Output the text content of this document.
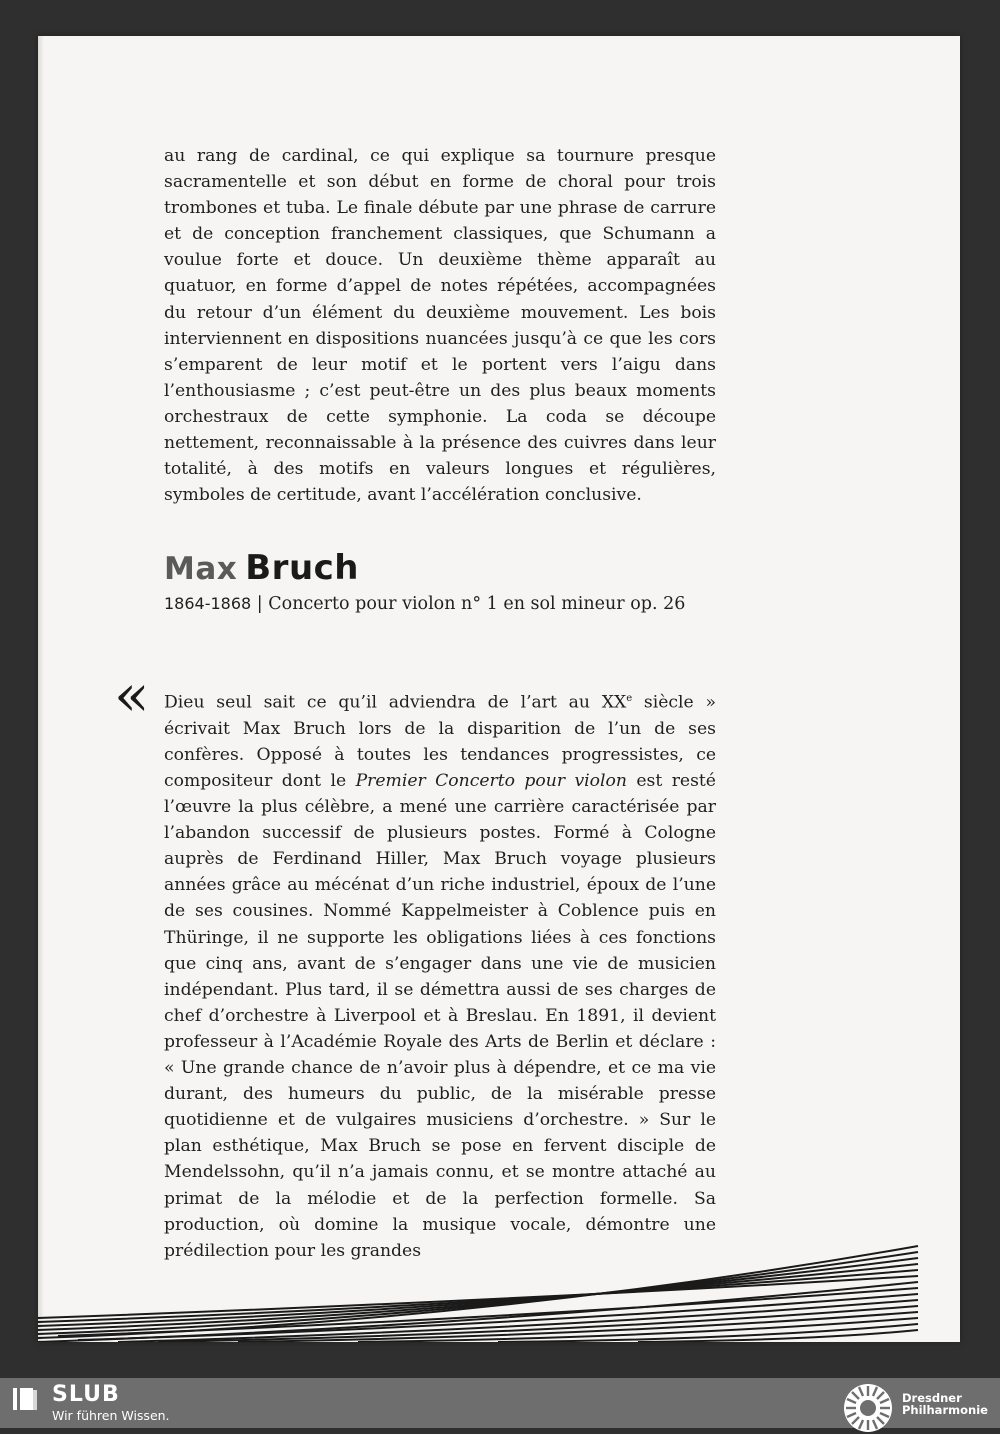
au rang de cardinal, ce qui explique sa tournure presque sacramentelle et son début en forme de choral pour trois trombones et tuba. Le finale débute par une phrase de carrure et de conception franchement classiques, que Schumann a voulue forte et douce. Un deuxième thème apparaît au quatuor, en forme d’appel de notes répétées, accompagnées du retour d’un élément du deuxième mouvement. Les bois interviennent en dispositions nuancées jusqu’à ce que les cors s’emparent de leur motif et le portent vers l’aigu dans l’enthousiasme ; c’est peut-être un des plus beaux moments orchestraux de cette symphonie. La coda se découpe nettement, reconnaissable à la présence des cuivres dans leur totalité, à des motifs en valeurs longues et régulières, symboles de certitude, avant l’accélération conclusive.

Max Bruch
1864-1868 | Concerto pour violon n° 1 en sol mineur op. 26
« Dieu seul sait ce qu’il adviendra de l’art au XXe siècle » écrivait Max Bruch lors de la disparition de l’un de ses confères. Opposé à toutes les tendances progressistes, ce compositeur dont le Premier Concerto pour violon est resté l’œuvre la plus célèbre, a mené une carrière caractérisée par l’abandon successif de plusieurs postes. Formé à Cologne auprès de Ferdinand Hiller, Max Bruch voyage plusieurs années grâce au mécénat d’un riche industriel, époux de l’une de ses cousines. Nommé Kappelmeister à Coblence puis en Thüringe, il ne supporte les obligations liées à ces fonctions que cinq ans, avant de s’engager dans une vie de musicien indépendant. Plus tard, il se démettra aussi de ses charges de chef d’orchestre à Liverpool et à Breslau. En 1891, il devient professeur à l’Académie Royale des Arts de Berlin et déclare : « Une grande chance de n’avoir plus à dépendre, et ce ma vie durant, des humeurs du public, de la misérable presse quotidienne et de vulgaires musiciens d’orchestre. » Sur le plan esthétique, Max Bruch se pose en fervent disciple de Mendelssohn, qu’il n’a jamais connu, et se montre attaché au primat de la mélodie et de la perfection formelle. Sa production, où domine la musique vocale, démontre une prédilection pour les grandes

SLUB
Wir führen Wissen.
Dresdner
Philharmonie
